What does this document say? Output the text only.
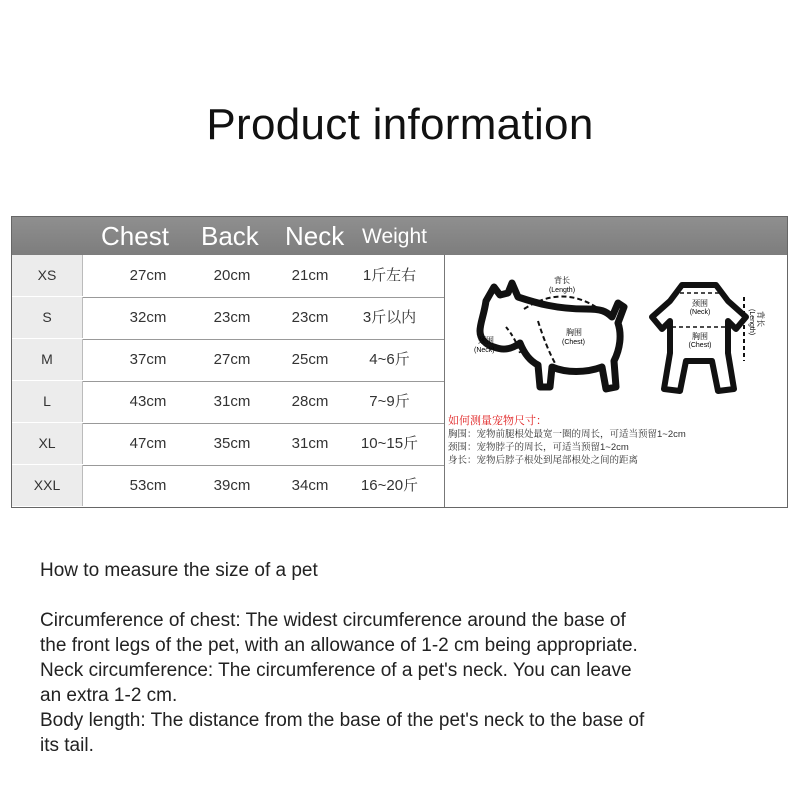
Product information
Chest Back Neck Weight
XS	27cm	20cm	21cm	1斤左右
S	32cm	23cm	23cm	3斤以内
M	37cm	27cm	25cm	4~6斤
L	43cm	31cm	28cm	7~9斤
XL	47cm	35cm	31cm	10~15斤
XXL	53cm	39cm	34cm	16~20斤
背长
(Length)
胸围
(Chest)
颈围
(Neck)
颈围
(Neck)
胸围
(Chest)
背长
(Length)
如何测量宠物尺寸：
胸围：宠物前腿根处最宽一圈的周长，可适当预留1~2cm
颈围：宠物脖子的周长，可适当预留1~2cm
身长：宠物后脖子根处到尾部根处之间的距离

How to measure the size of a pet

Circumference of chest: The widest circumference around the base of

the front legs of the pet, with an allowance of 1-2 cm being appropriate.

Neck circumference: The circumference of a pet's neck. You can leave

an extra 1-2 cm.

Body length: The distance from the base of the pet's neck to the base of

its tail.
